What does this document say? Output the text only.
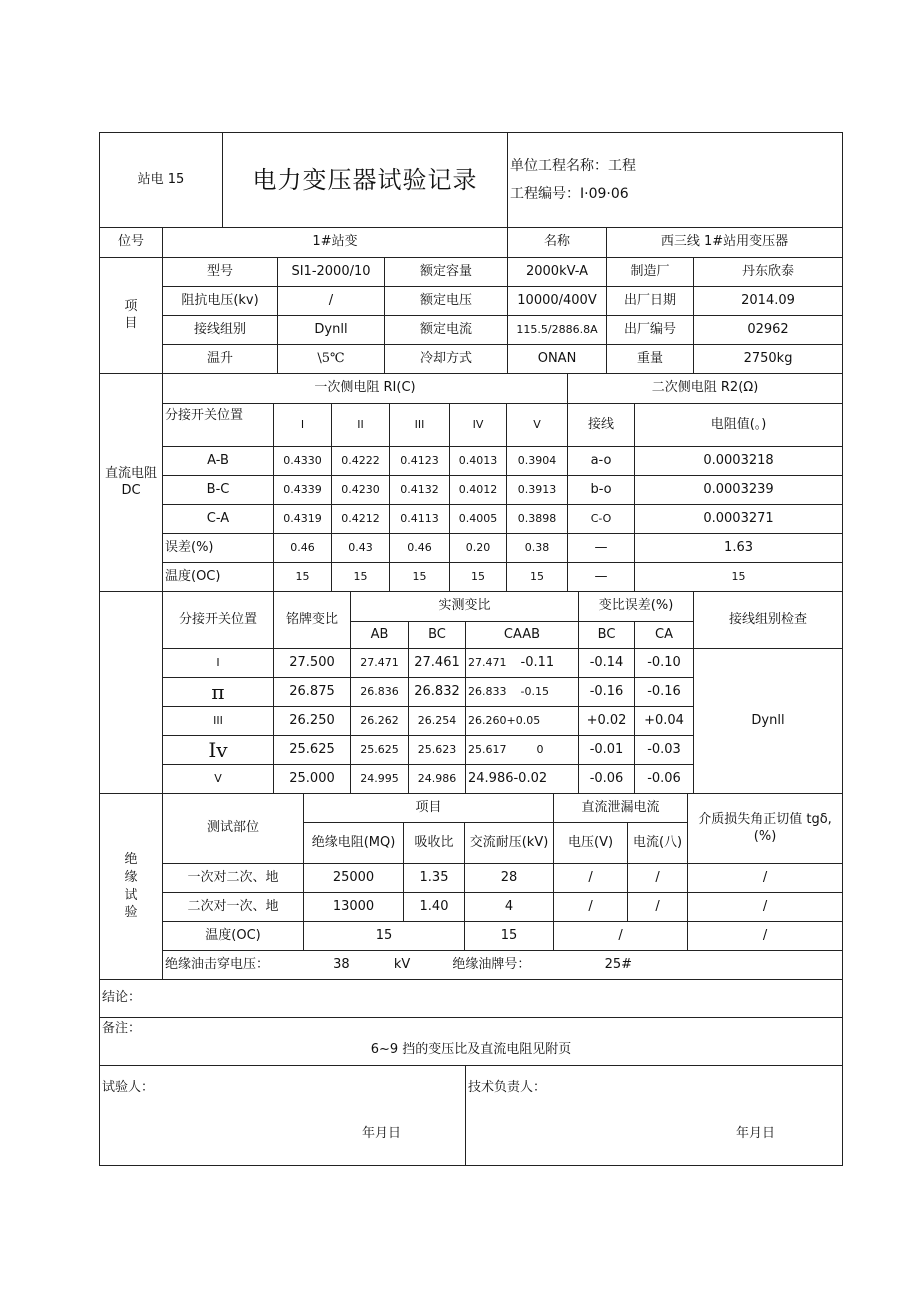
站电 15	电力变压器试验记录	单位工程名称：工程
工程编号：I·09·06
位号	1#站变			名称	西三线 1#站用变压器	
项目	型号	SI1-2000/10	额定容量	2000kV-A	制造厂	丹东欣泰
	阻抗电压(kv)	/	额定电压	10000/400V	出厂日期	2014.09
	接线组别	Dynll	额定电流	115.5/2886.8A	出厂编号	02962
	温升	\5℃	冷却方式	ONAN	重量	2750kg
直流电阻 DC	一次侧电阻 RI(C)						二次侧电阻 R2(Ω)	
	分接开关位置	I	II	III	IV	V	接线	电阻值(。)
	A-B	0.4330	0.4222	0.4123	0.4013	0.3904	a-o	0.0003218
	B-C	0.4339	0.4230	0.4132	0.4012	0.3913	b-o	0.0003239
	C-A	0.4319	0.4212	0.4113	0.4005	0.3898	C-O	0.0003271
	误差(%)	0.46	0.43	0.46	0.20	0.38	—	1.63
	温度(OC)	15	15	15	15	15	—	15
	分接开关位置	铭牌变比	实测变比			变比误差(%)		接线组别检查
			AB	BC	CAAB	BC	CA	
	I	27.500	27.471	27.461	27.471 -0.11	-0.14	-0.10	Dynll
	π	26.875	26.836	26.832	26.833 -0.15	-0.16	-0.16	
	III	26.250	26.262	26.254	26.260+0.05	+0.02	+0.04	
	Iv	25.625	25.625	25.623	25.617 0	-0.01	-0.03	
	V	25.000	24.995	24.986	24.986-0.02	-0.06	-0.06	
绝缘试验	测试部位	项目			直流泄漏电流		介质损失角正切值 tgδ,(%)
		绝缘电阻(MQ)	吸收比	交流耐压(kV)	电压(V)	电流(八)	
	一次对二次、地	25000	1.35	28	/	/	/
	二次对一次、地	13000	1.40	4	/	/	/
	温度(OC)	15		15	/		/
	绝缘油击穿电压： 38 kV 绝缘油牌号： 25#						
结论：

备注：
6~9 挡的变压比及直流电阻见附页

试验人：
年月日

技术负责人：
年月日
